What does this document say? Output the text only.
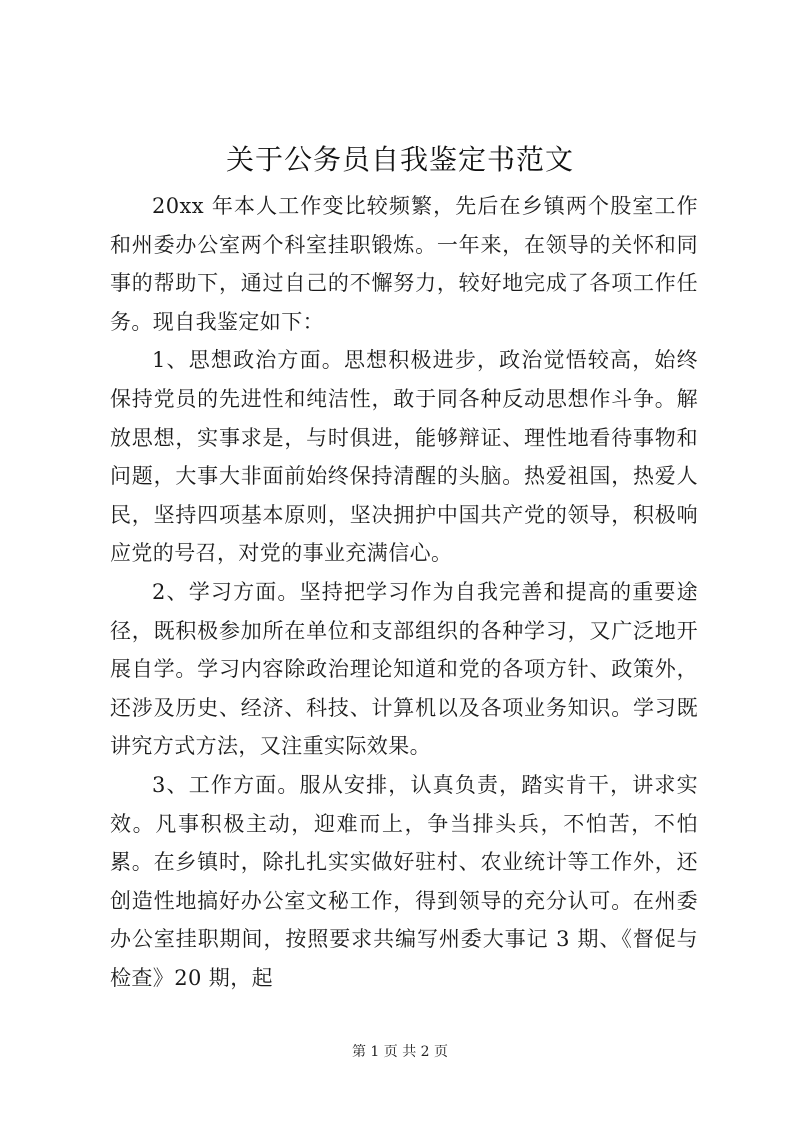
关于公务员自我鉴定书范文

20xx 年本人工作变比较频繁，先后在乡镇两个股室工作和州委办公室两个科室挂职锻炼。一年来，在领导的关怀和同事的帮助下，通过自己的不懈努力，较好地完成了各项工作任务。现自我鉴定如下：

1、思想政治方面。思想积极进步，政治觉悟较高，始终保持党员的先进性和纯洁性，敢于同各种反动思想作斗争。解放思想，实事求是，与时俱进，能够辩证、理性地看待事物和问题，大事大非面前始终保持清醒的头脑。热爱祖国，热爱人民，坚持四项基本原则，坚决拥护中国共产党的领导，积极响应党的号召，对党的事业充满信心。

2、学习方面。坚持把学习作为自我完善和提高的重要途径，既积极参加所在单位和支部组织的各种学习，又广泛地开展自学。学习内容除政治理论知道和党的各项方针、政策外，还涉及历史、经济、科技、计算机以及各项业务知识。学习既讲究方式方法，又注重实际效果。

3、工作方面。服从安排，认真负责，踏实肯干，讲求实效。凡事积极主动，迎难而上，争当排头兵，不怕苦，不怕累。在乡镇时，除扎扎实实做好驻村、农业统计等工作外，还创造性地搞好办公室文秘工作，得到领导的充分认可。在州委办公室挂职期间，按照要求共编写州委大事记 3 期、《督促与检查》20 期，起

第 1 页 共 2 页
